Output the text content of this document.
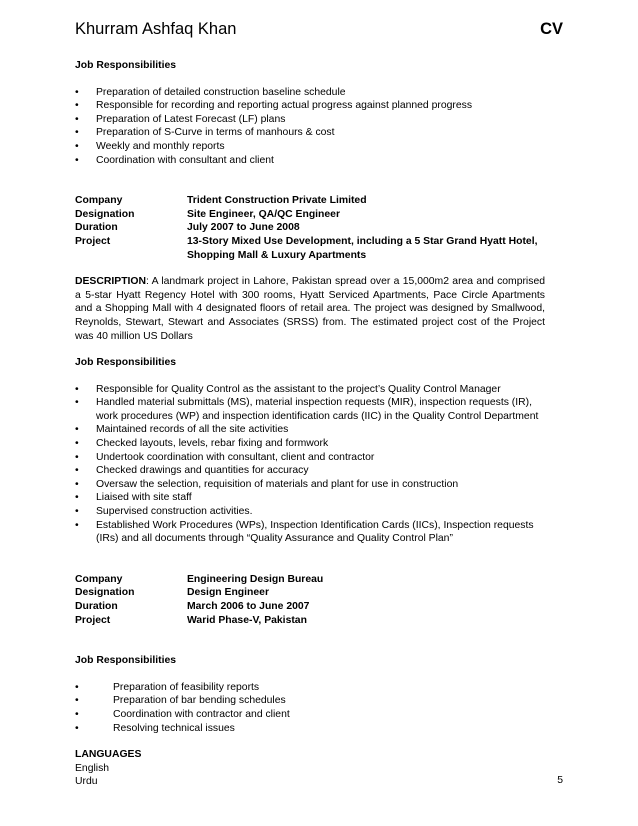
Khurram Ashfaq Khan	CV

Job Responsibilities

•	Preparation of detailed construction baseline schedule
•	Responsible for recording and reporting actual progress against planned progress
•	Preparation of Latest Forecast (LF) plans
•	Preparation of S-Curve in terms of manhours & cost
•	Weekly and monthly reports
•	Coordination with consultant and client
Company	Trident Construction Private Limited
Designation	Site Engineer, QA/QC Engineer
Duration	July 2007 to June 2008
Project	13-Story Mixed Use Development, including a 5 Star Grand Hyatt Hotel, Shopping Mall & Luxury Apartments

DESCRIPTION: A landmark project in Lahore, Pakistan spread over a 15,000m2 area and comprised a 5-star Hyatt Regency Hotel with 300 rooms, Hyatt Serviced Apartments, Pace Circle Apartments and a Shopping Mall with 4 designated floors of retail area. The project was designed by Smallwood, Reynolds, Stewart, Stewart and Associates (SRSS) from. The estimated project cost of the Project was 40 million US Dollars

Job Responsibilities

•	Responsible for Quality Control as the assistant to the project’s Quality Control Manager
•	Handled material submittals (MS), material inspection requests (MIR), inspection requests (IR), work procedures (WP) and inspection identification cards (IIC) in the Quality Control Department
•	Maintained records of all the site activities
•	Checked layouts, levels, rebar fixing and formwork
•	Undertook coordination with consultant, client and contractor
•	Checked drawings and quantities for accuracy
•	Oversaw the selection, requisition of materials and plant for use in construction
•	Liaised with site staff
•	Supervised construction activities.
•	Established Work Procedures (WPs), Inspection Identification Cards (IICs), Inspection requests (IRs) and all documents through “Quality Assurance and Quality Control Plan”
Company	Engineering Design Bureau
Designation	Design Engineer
Duration	March 2006 to June 2007
Project	Warid Phase-V, Pakistan

Job Responsibilities

•	Preparation of feasibility reports
•	Preparation of bar bending schedules
•	Coordination with contractor and client
•	Resolving technical issues

LANGUAGES

English

Urdu	5
